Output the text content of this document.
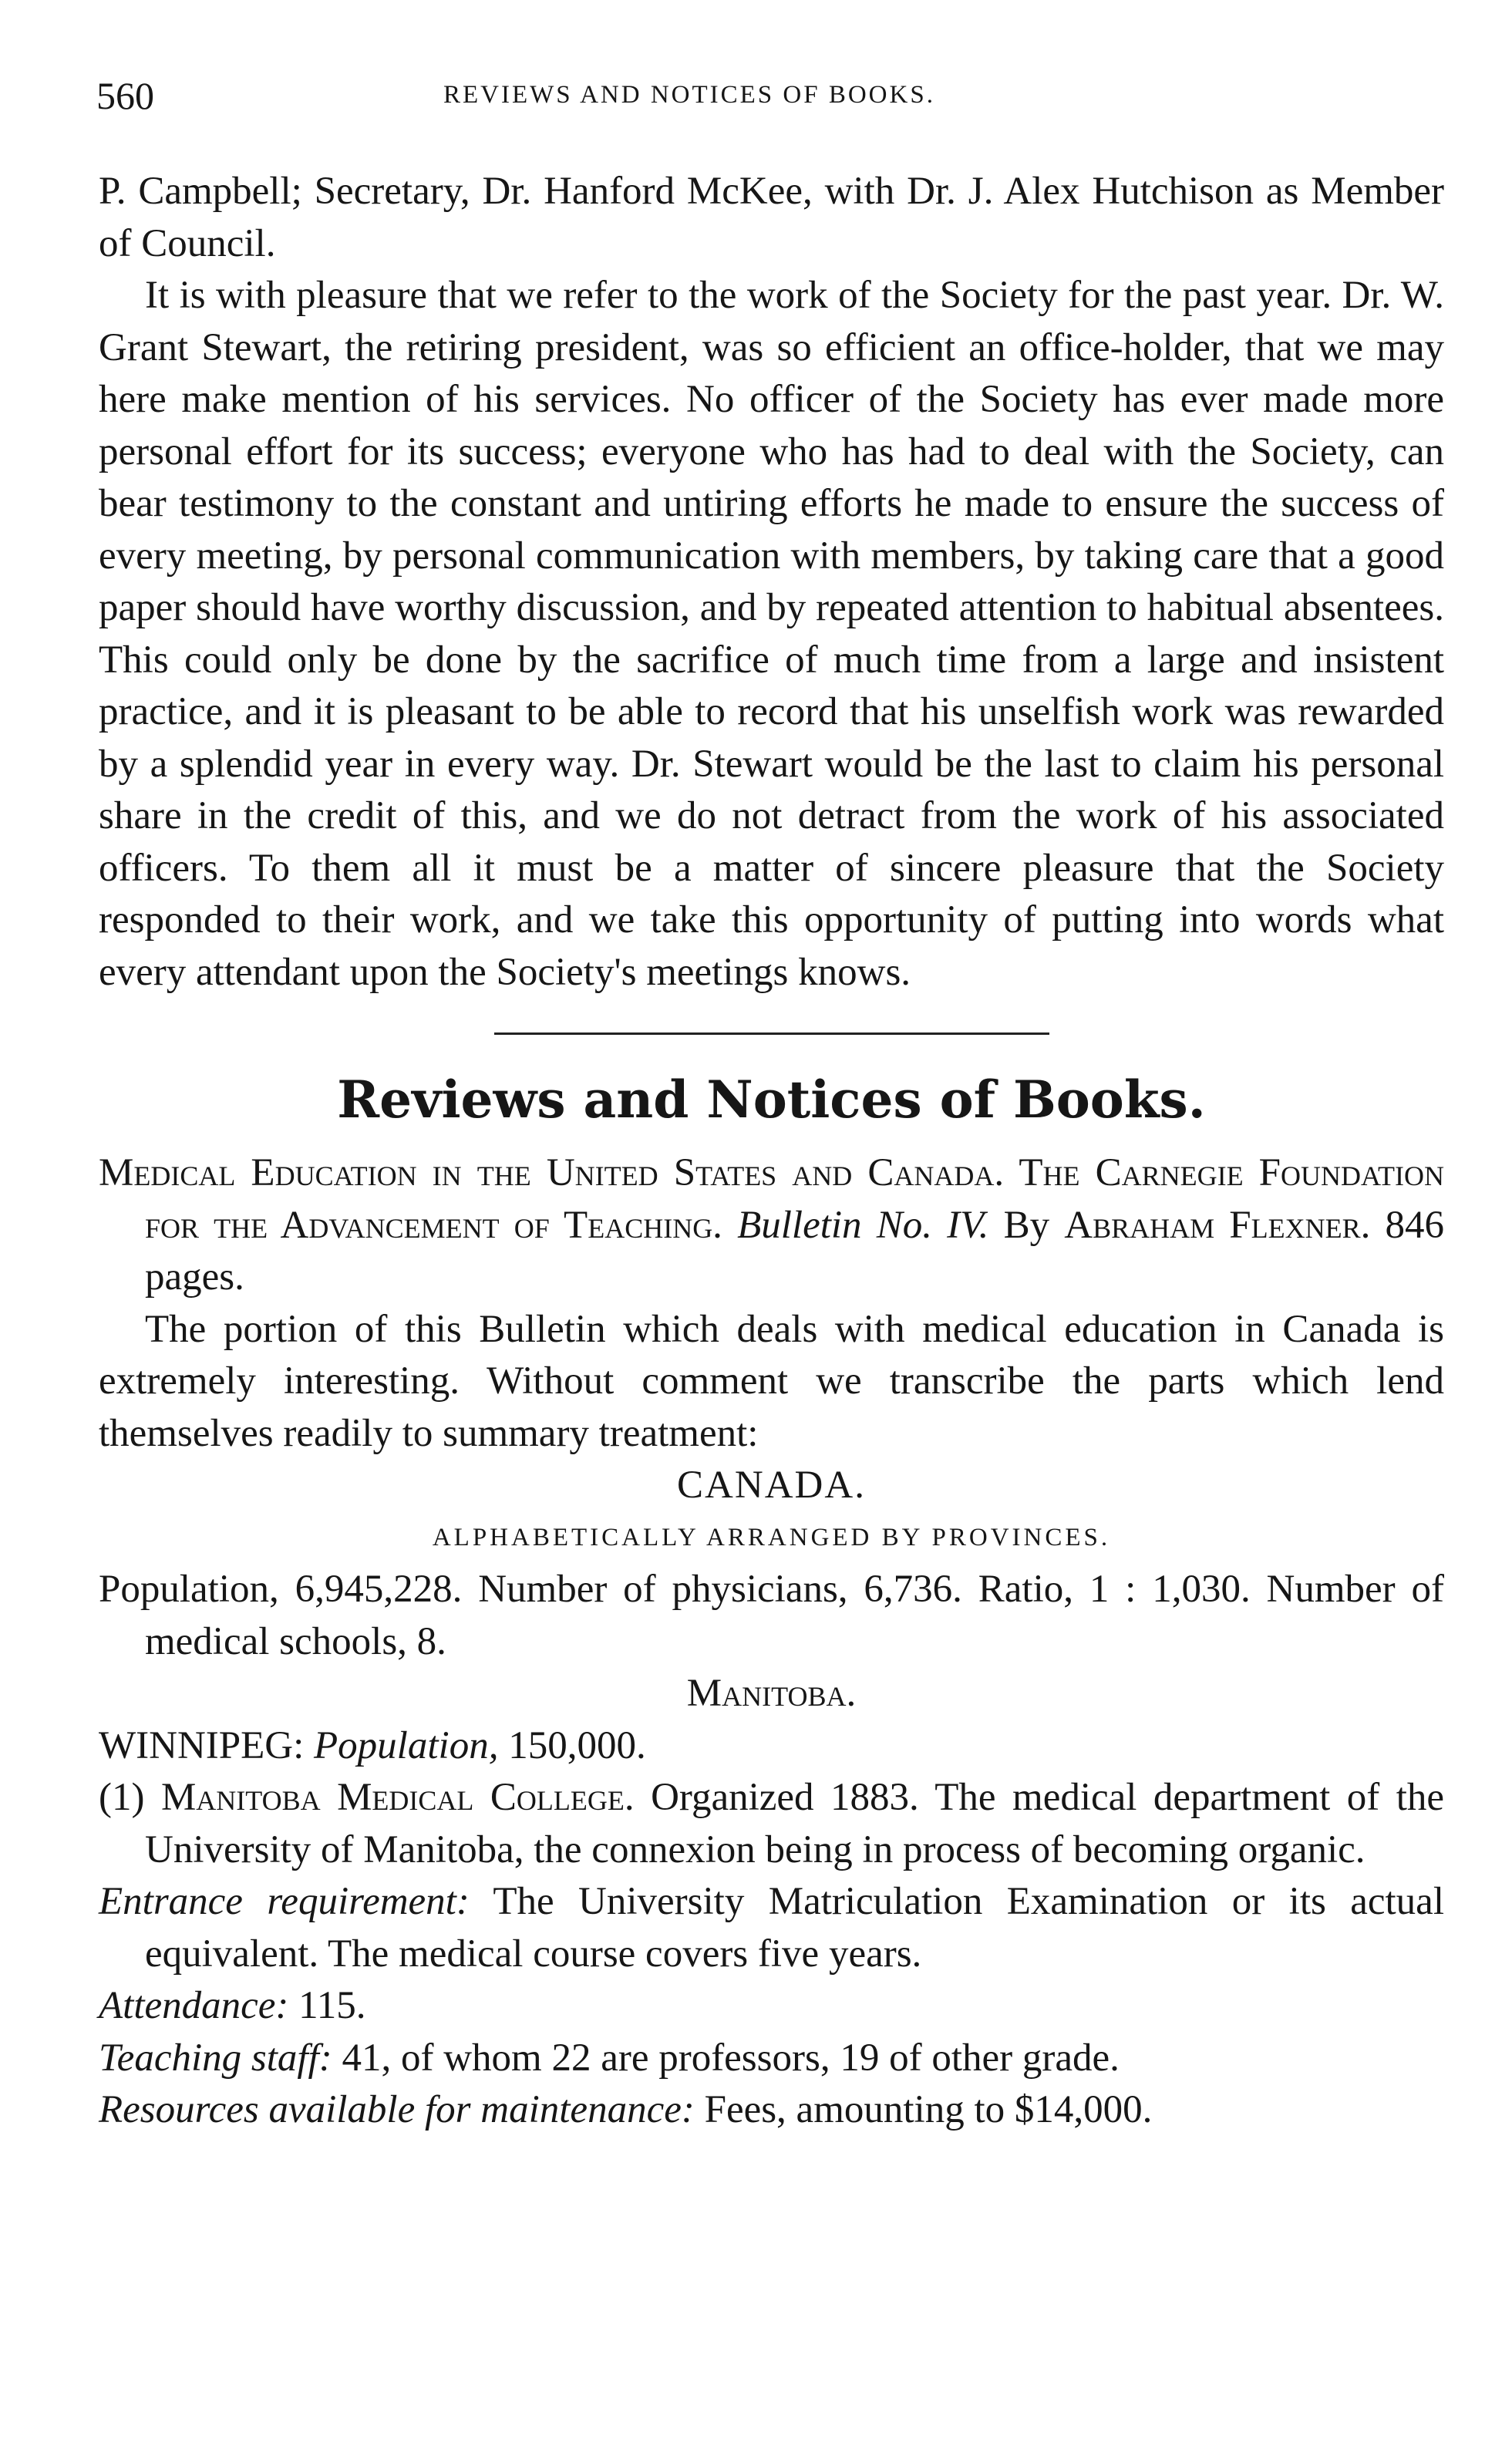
560	REVIEWS AND NOTICES OF BOOKS.

P. Campbell; Secretary, Dr. Hanford McKee, with Dr. J. Alex Hutchison as Member of Council.

It is with pleasure that we refer to the work of the Society for the past year. Dr. W. Grant Stewart, the retiring president, was so efficient an office-holder, that we may here make mention of his services. No officer of the Society has ever made more personal effort for its success; everyone who has had to deal with the Society, can bear testimony to the constant and untiring efforts he made to ensure the success of every meeting, by personal communication with members, by taking care that a good paper should have worthy discussion, and by repeated attention to habitual absentees. This could only be done by the sacrifice of much time from a large and insistent practice, and it is pleasant to be able to record that his unselfish work was rewarded by a splendid year in every way. Dr. Stewart would be the last to claim his personal share in the credit of this, and we do not detract from the work of his associated officers. To them all it must be a matter of sincere pleasure that the Society responded to their work, and we take this opportunity of putting into words what every attendant upon the Society's meetings knows.

Reviews and Notices of Books.

Medical Education in the United States and Canada. The Carnegie Foundation for the Advancement of Teaching. Bulletin No. IV. By Abraham Flexner. 846 pages.

The portion of this Bulletin which deals with medical education in Canada is extremely interesting. Without comment we transcribe the parts which lend themselves readily to summary treatment:

CANADA.

ALPHABETICALLY ARRANGED BY PROVINCES.

Population, 6,945,228. Number of physicians, 6,736. Ratio, 1 : 1,030. Number of medical schools, 8.

Manitoba.

WINNIPEG: Population, 150,000.

(1) Manitoba Medical College. Organized 1883. The medical department of the University of Manitoba, the connexion being in process of becoming organic.

Entrance requirement: The University Matriculation Examination or its actual equivalent. The medical course covers five years.

Attendance: 115.

Teaching staff: 41, of whom 22 are professors, 19 of other grade.

Resources available for maintenance: Fees, amounting to $14,000.
